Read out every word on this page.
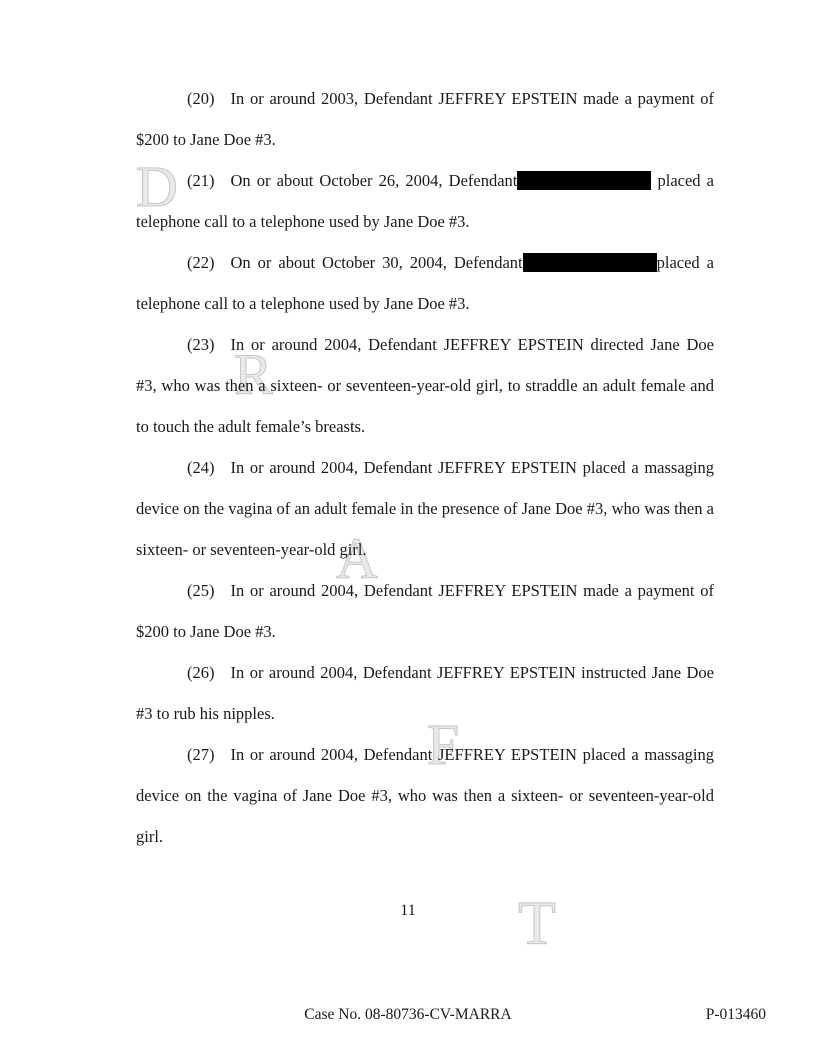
D
R
A
F
T

(20) In or around 2003, Defendant JEFFREY EPSTEIN made a payment of $200 to Jane Doe #3.

(21) On or about October 26, 2004, Defendant	placed a telephone call to a telephone used by Jane Doe #3.

(22) On or about October 30, 2004, Defendant	placed a telephone call to a telephone used by Jane Doe #3.

(23) In or around 2004, Defendant JEFFREY EPSTEIN directed Jane Doe #3, who was then a sixteen- or seventeen-year-old girl, to straddle an adult female and to touch the adult female’s breasts.

(24) In or around 2004, Defendant JEFFREY EPSTEIN placed a massaging device on the vagina of an adult female in the presence of Jane Doe #3, who was then a sixteen- or seventeen-year-old girl.

(25) In or around 2004, Defendant JEFFREY EPSTEIN made a payment of $200 to Jane Doe #3.

(26) In or around 2004, Defendant JEFFREY EPSTEIN instructed Jane Doe #3 to rub his nipples.

(27) In or around 2004, Defendant JEFFREY EPSTEIN placed a massaging device on the vagina of Jane Doe #3, who was then a sixteen- or seventeen-year-old girl.

11
Case No. 08-80736-CV-MARRA	P-013460
